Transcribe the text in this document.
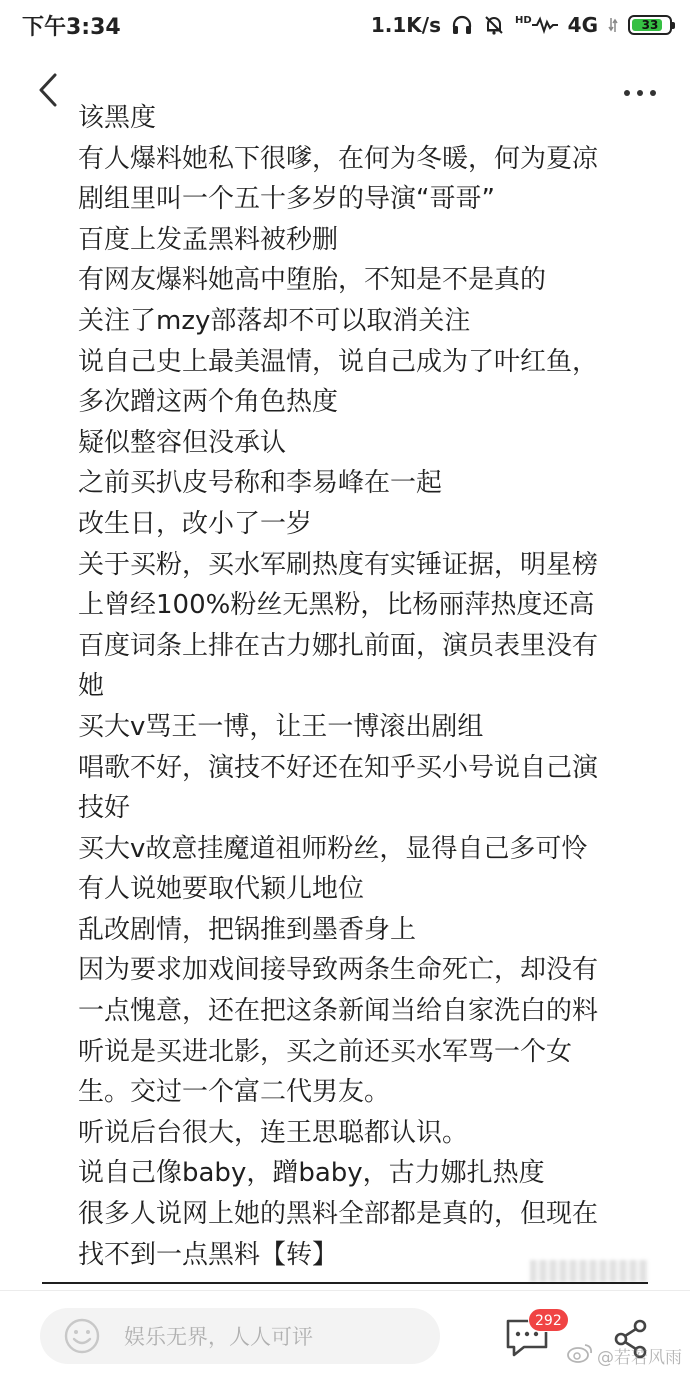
下午3:34	1.1K/s	HD 4G	33
该黑度
有人爆料她私下很嗲，在何为冬暖，何为夏凉
剧组里叫一个五十多岁的导演“哥哥”
百度上发孟黑料被秒删
有网友爆料她高中堕胎，不知是不是真的
关注了mzy部落却不可以取消关注
说自己史上最美温情，说自己成为了叶红鱼，
多次蹭这两个角色热度
疑似整容但没承认
之前买扒皮号称和李易峰在一起
改生日，改小了一岁
关于买粉，买水军刷热度有实锤证据，明星榜
上曾经100%粉丝无黑粉，比杨丽萍热度还高
百度词条上排在古力娜扎前面，演员表里没有
她
买大v骂王一博，让王一博滚出剧组
唱歌不好，演技不好还在知乎买小号说自己演
技好
买大v故意挂魔道祖师粉丝，显得自己多可怜
有人说她要取代颖儿地位
乱改剧情，把锅推到墨香身上
因为要求加戏间接导致两条生命死亡，却没有
一点愧意，还在把这条新闻当给自家洗白的料
听说是买进北影，买之前还买水军骂一个女
生。交过一个富二代男友。
听说后台很大，连王思聪都认识。
说自己像baby，蹭baby，古力娜扎热度
很多人说网上她的黑料全部都是真的，但现在
找不到一点黑料【转】
娱乐无界，人人可评
292
@若若风雨
